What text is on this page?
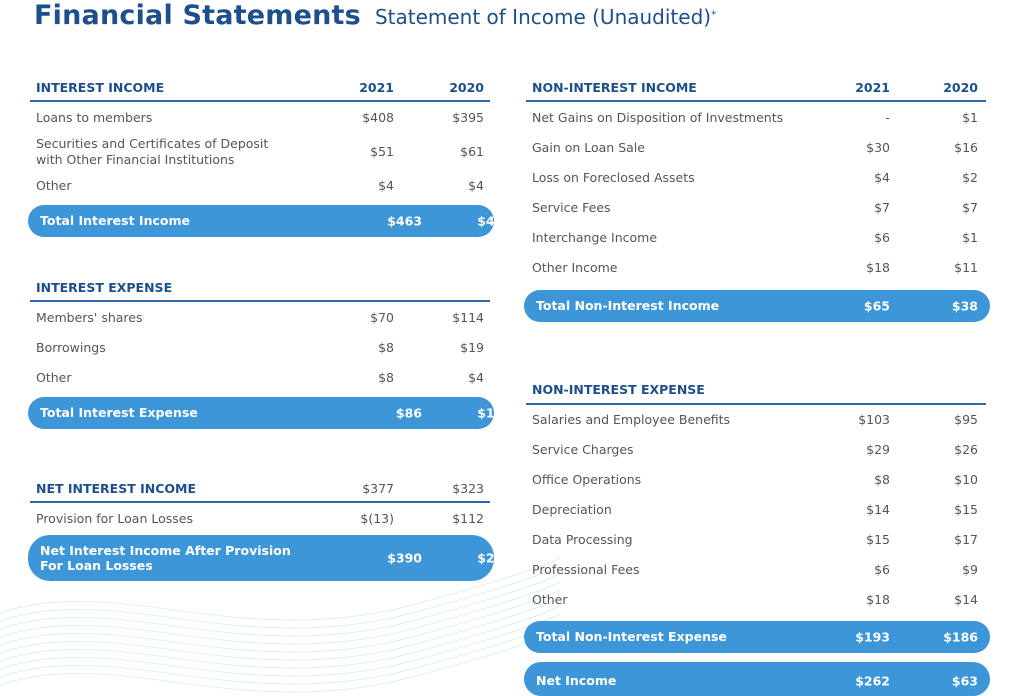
Financial Statements Statement of Income (Unaudited)*
INTEREST INCOME	2021	2020
Loans to members	$408	$395
Securities and Certificates of Deposit
with Other Financial Institutions
$51	$61
Other	$4	$4
Total Interest Income	$463	$460
INTEREST EXPENSE
Members' shares	$70	$114
Borrowings	$8	$19
Other	$8	$4
Total Interest Expense	$86	$137
NET INTEREST INCOME	$377	$323
Provision for Loan Losses	$(13)	$112
Net Interest Income After Provision
For Loan Losses	$390	$211
NON-INTEREST INCOME	2021	2020
Net Gains on Disposition of Investments	-	$1
Gain on Loan Sale	$30	$16
Loss on Foreclosed Assets	$4	$2
Service Fees	$7	$7
Interchange Income	$6	$1
Other Income	$18	$11
Total Non-Interest Income	$65	$38
NON-INTEREST EXPENSE
Salaries and Employee Benefits	$103	$95
Service Charges	$29	$26
Office Operations	$8	$10
Depreciation	$14	$15
Data Processing	$15	$17
Professional Fees	$6	$9
Other	$18	$14
Total Non-Interest Expense	$193	$186
Net Income	$262	$63
